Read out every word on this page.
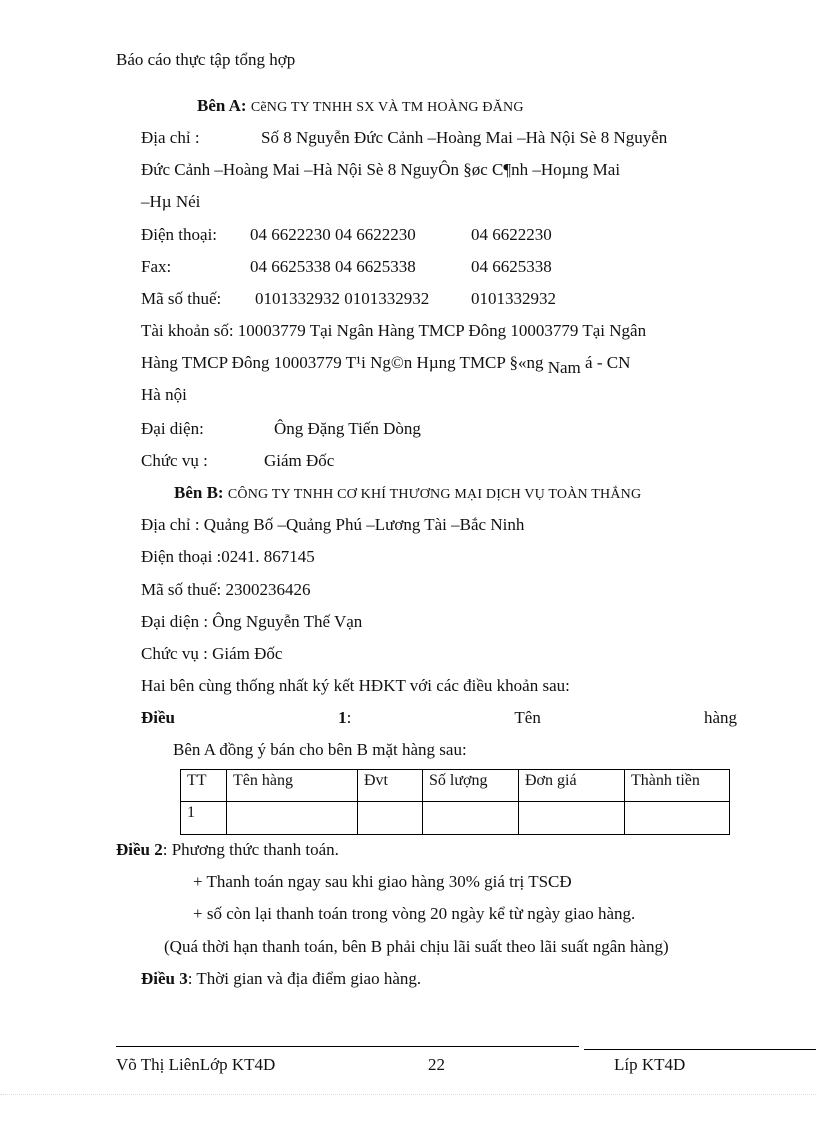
Báo cáo thực tập tổng hợp
Bên A: CẽNG TY TNHH SX VÀ TM HOÀNG ĐĂNG
Địa chỉ :	Số 8 Nguyễn Đức Cảnh –Hoàng Mai –Hà Nội Sè 8 Nguyễn
Đức Cảnh –Hoàng Mai –Hà Nội Sè 8 NguyÔn §øc C¶nh –Hoµng Mai
–Hµ Néi
Điện thoại: 04 6622230 04 6622230	04 6622230
Fax:	04 6625338 04 6625338	04 6625338
Mã số thuế: 0101332932 0101332932 0101332932
Tài khoản số: 10003779 Tại Ngân Hàng TMCP Đông 10003779 Tại Ngân
Hàng TMCP Đông 10003779 T¹i Ng©n Hµng TMCP §«ng Nam á - CN
Hà nội
Đại diện:	Ông Đặng Tiến Dòng
Chức vụ :	Giám Đốc
Bên B: CÔNG TY TNHH CƠ KHÍ THƯƠNG MẠI DỊCH VỤ TOÀN THẮNG
Địa chỉ : Quảng Bố –Quảng Phú –Lương Tài –Bắc Ninh
Điện thoại :0241. 867145
Mã số thuế: 2300236426
Đại diện : Ông Nguyễn Thế Vạn
Chức vụ : Giám Đốc
Hai bên cùng thống nhất ký kết HĐKT với các điều khoản sau:
Điều	1:	Tên	hàng
Bên A đồng ý bán cho bên B mặt hàng sau:
TT	Tên hàng	Đvt	Số lượng	Đơn giá	Thành tiền
1					
Điều 2: Phương thức thanh toán.
+ Thanh toán ngay sau khi giao hàng 30% giá trị TSCĐ
+ số còn lại thanh toán trong vòng 20 ngày kể từ ngày giao hàng.
(Quá thời hạn thanh toán, bên B phải chịu lãi suất theo lãi suất ngân hàng)
Điều 3: Thời gian và địa điểm giao hàng.
Võ Thị LiênLớp KT4D	22	Líp KT4D
